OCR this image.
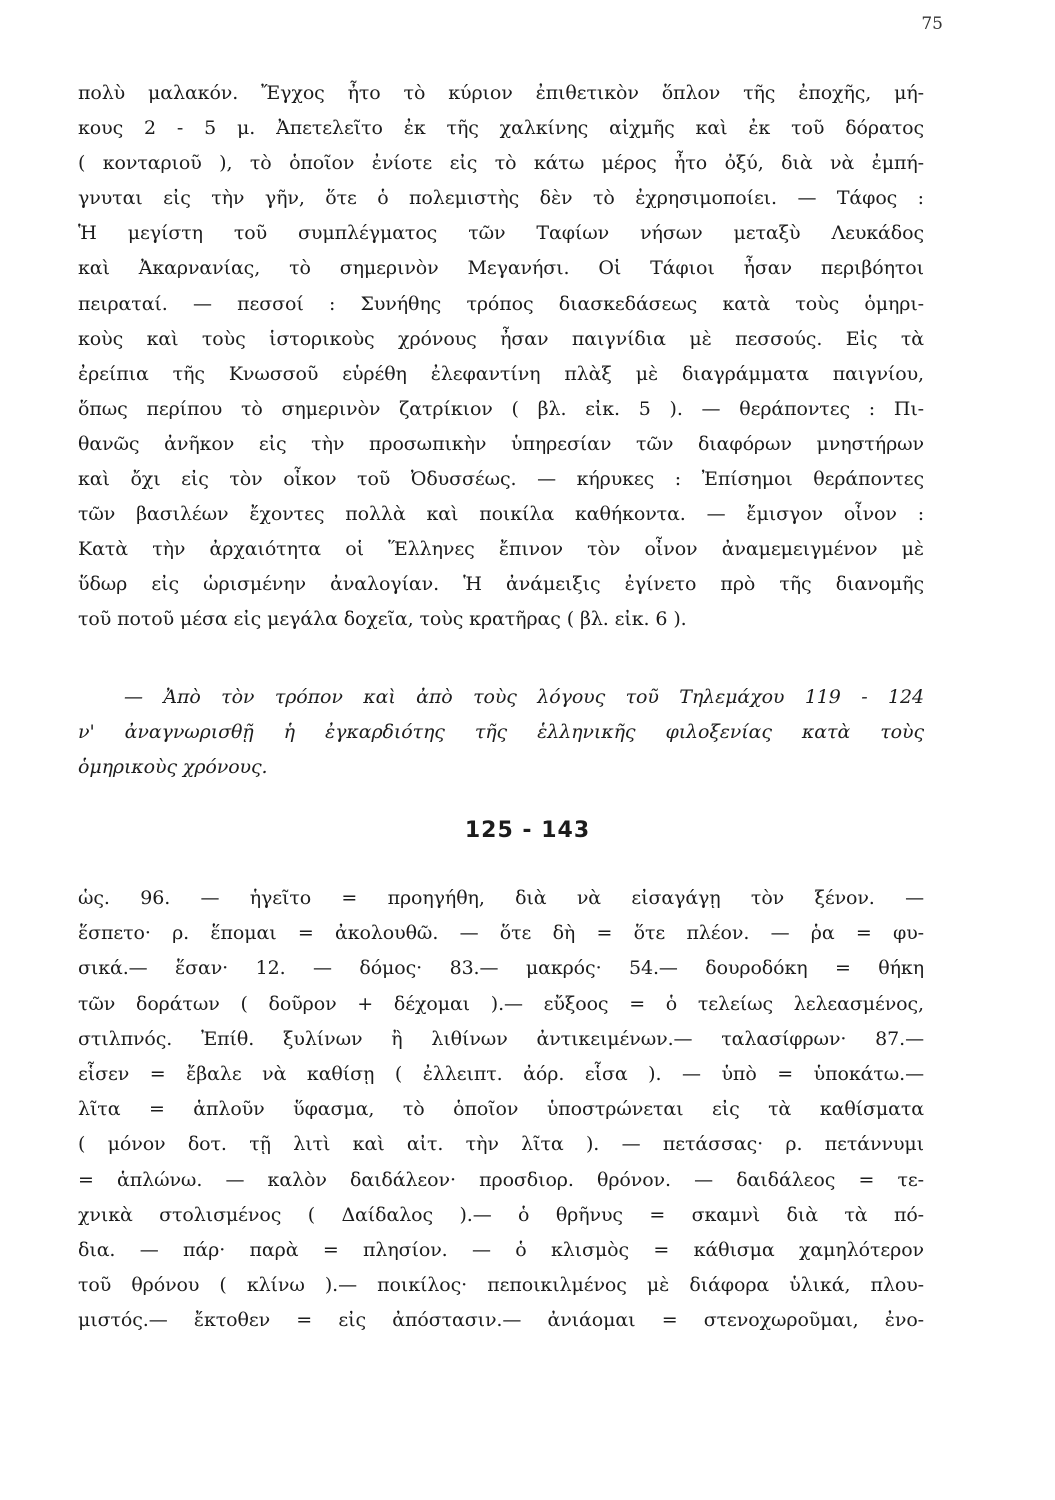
75
πολὺ μαλακόν. Ἔγχος ἦτο τὸ κύριον ἐπιθετικὸν ὅπλον τῆς ἐποχῆς, μή-
κους 2 - 5 μ. Ἀπετελεῖτο ἐκ τῆς χαλκίνης αἰχμῆς καὶ ἐκ τοῦ δόρατος
( κονταριοῦ ), τὸ ὁποῖον ἐνίοτε εἰς τὸ κάτω μέρος ἦτο ὀξύ, διὰ νὰ ἐμπή-
γνυται εἰς τὴν γῆν, ὅτε ὁ πολεμιστὴς δὲν τὸ ἐχρησιμοποίει. — Τάφος :
Ἡ μεγίστη τοῦ συμπλέγματος τῶν Ταφίων νήσων μεταξὺ Λευκάδος
καὶ Ἀκαρνανίας, τὸ σημερινὸν Μεγανήσι. Οἱ Τάφιοι ἦσαν περιβόητοι
πειραταί. — πεσσοί : Συνήθης τρόπος διασκεδάσεως κατὰ τοὺς ὁμηρι-
κοὺς καὶ τοὺς ἱστορικοὺς χρόνους ἦσαν παιγνίδια μὲ πεσσούς. Εἰς τὰ
ἐρείπια τῆς Κνωσσοῦ εὑρέθη ἐλεφαντίνη πλὰξ μὲ διαγράμματα παιγνίου,
ὅπως περίπου τὸ σημερινὸν ζατρίκιον ( βλ. εἰκ. 5 ). — θεράποντες : Πι-
θανῶς ἀνῆκον εἰς τὴν προσωπικὴν ὑπηρεσίαν τῶν διαφόρων μνηστήρων
καὶ ὄχι εἰς τὸν οἶκον τοῦ Ὀδυσσέως. — κήρυκες : Ἐπίσημοι θεράποντες
τῶν βασιλέων ἔχοντες πολλὰ καὶ ποικίλα καθήκοντα. — ἔμισγον οἶνον :
Κατὰ τὴν ἀρχαιότητα οἱ Ἕλληνες ἔπινον τὸν οἶνον ἀναμεμειγμένον μὲ
ὕδωρ εἰς ὡρισμένην ἀναλογίαν. Ἡ ἀνάμειξις ἐγίνετο πρὸ τῆς διανομῆς
τοῦ ποτοῦ μέσα εἰς μεγάλα δοχεῖα, τοὺς κρατῆρας ( βλ. εἰκ. 6 ).
— Ἀπὸ τὸν τρόπον καὶ ἀπὸ τοὺς λόγους τοῦ Τηλεμάχου 119 - 124
ν' ἀναγνωρισθῇ ἡ ἐγκαρδιότης τῆς ἑλληνικῆς φιλοξενίας κατὰ τοὺς
ὁμηρικοὺς χρόνους.
125 - 143
ὡς. 96. — ἡγεῖτο = προηγήθη, διὰ νὰ εἰσαγάγῃ τὸν ξένον. —
ἕσπετο· ρ. ἕπομαι = ἀκολουθῶ. — ὅτε δὴ = ὅτε πλέον. — ῥα = φυ-
σικά.— ἕσαν· 12. — δόμος· 83.— μακρός· 54.— δουροδόκη = θήκη
τῶν δοράτων ( δοῦρον + δέχομαι ).— εὔξοος = ὁ τελείως λελεασμένος,
στιλπνός. Ἐπίθ. ξυλίνων ἢ λιθίνων ἀντικειμένων.— ταλασίφρων· 87.—
εἷσεν = ἔβαλε νὰ καθίσῃ ( ἐλλειπτ. ἀόρ. εἷσα ). — ὑπὸ = ὑποκάτω.—
λῖτα = ἁπλοῦν ὕφασμα, τὸ ὁποῖον ὑποστρώνεται εἰς τὰ καθίσματα
( μόνον δοτ. τῇ λιτὶ καὶ αἰτ. τὴν λῖτα ). — πετάσσας· ρ. πετάννυμι
= ἁπλώνω. — καλὸν δαιδάλεον· προσδιορ. θρόνον. — δαιδάλεος = τε-
χνικὰ στολισμένος ( Δαίδαλος ).— ὁ θρῆνυς = σκαμνὶ διὰ τὰ πό-
δια. — πάρ· παρὰ = πλησίον. — ὁ κλισμὸς = κάθισμα χαμηλότερον
τοῦ θρόνου ( κλίνω ).— ποικίλος· πεποικιλμένος μὲ διάφορα ὑλικά, πλου-
μιστός.— ἔκτοθεν = εἰς ἀπόστασιν.— ἀνιάομαι = στενοχωροῦμαι, ἐνο-
